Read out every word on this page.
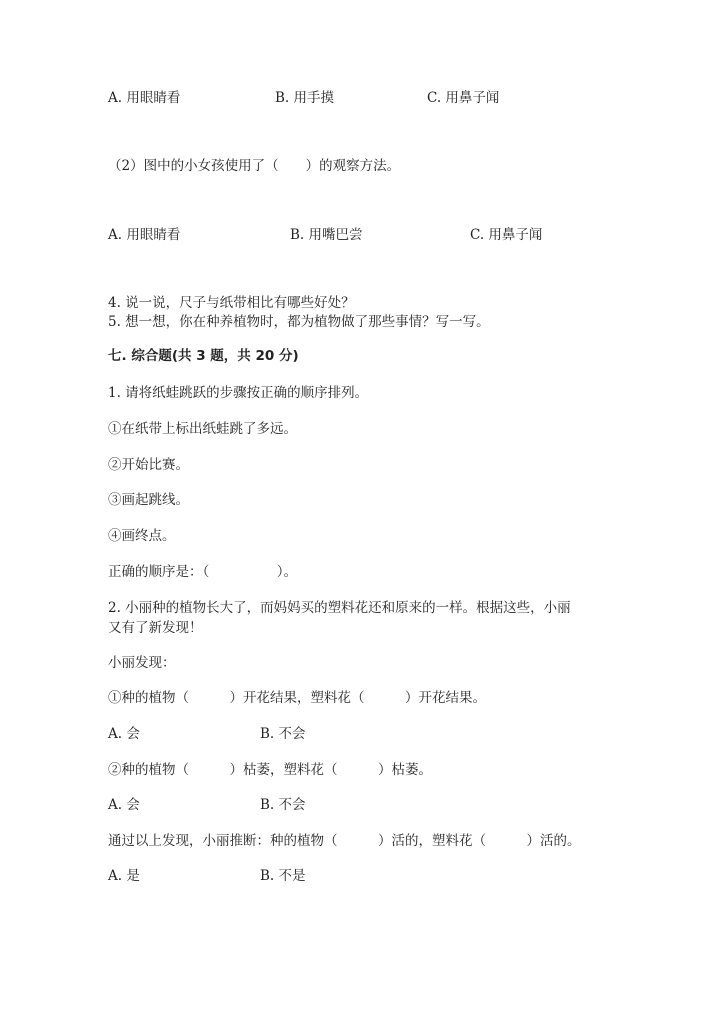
A. 用眼睛看	B. 用手摸	C. 用鼻子闻
（2）图中的小女孩使用了（　　）的观察方法。
A. 用眼睛看	B. 用嘴巴尝	C. 用鼻子闻
4. 说一说，尺子与纸带相比有哪些好处？
5. 想一想，你在种养植物时，都为植物做了那些事情？写一写。
七. 综合题(共 3 题，共 20 分)
1. 请将纸蛙跳跃的步骤按正确的顺序排列。
①在纸带上标出纸蛙跳了多远。
②开始比赛。
③画起跳线。
④画终点。
正确的顺序是：（　　　　　）。
2. 小丽种的植物长大了，而妈妈买的塑料花还和原来的一样。根据这些，小丽
又有了新发现！
小丽发现：
①种的植物（　　　）开花结果，塑料花（　　　）开花结果。
A. 会	B. 不会
②种的植物（　　　）枯萎，塑料花（　　　）枯萎。
A. 会	B. 不会
通过以上发现，小丽推断：种的植物（　　　）活的，塑料花（　　　）活的。
A. 是	B. 不是
